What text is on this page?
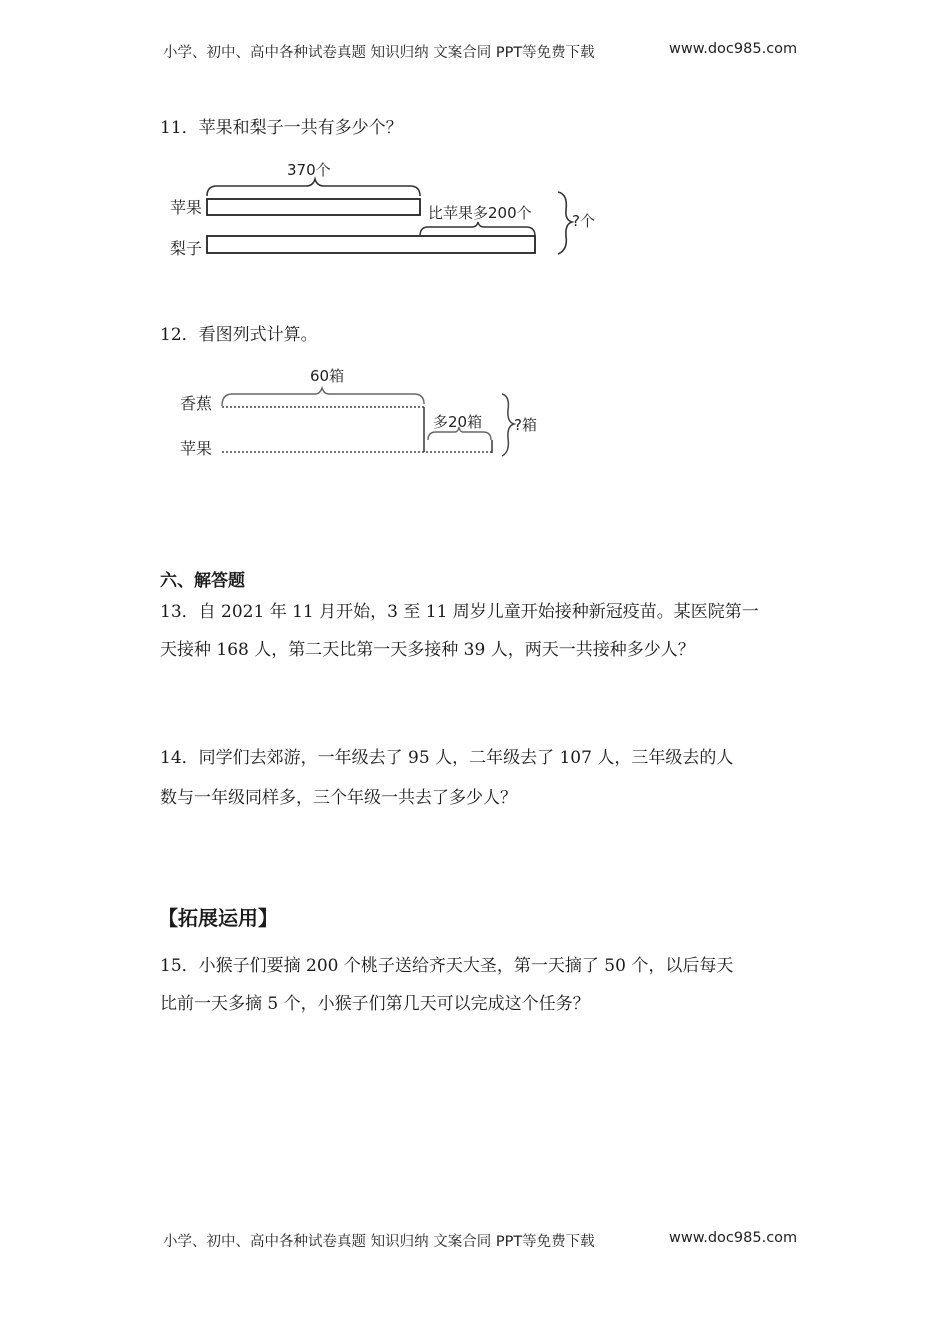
小学、初中、高中各种试卷真题 知识归纳 文案合同 PPT等免费下载	www.doc985.com
11．苹果和梨子一共有多少个？
苹果
梨子
370个
比苹果多200个	?个
12．看图列式计算。
香蕉
苹果
60箱
多20箱 ?箱
六、解答题
13．自 2021 年 11 月开始，3 至 11 周岁儿童开始接种新冠疫苗。某医院第一
天接种 168 人，第二天比第一天多接种 39 人，两天一共接种多少人？
14．同学们去郊游，一年级去了 95 人，二年级去了 107 人，三年级去的人
数与一年级同样多，三个年级一共去了多少人？
【拓展运用】
15．小猴子们要摘 200 个桃子送给齐天大圣，第一天摘了 50 个，以后每天
比前一天多摘 5 个，小猴子们第几天可以完成这个任务？
小学、初中、高中各种试卷真题 知识归纳 文案合同 PPT等免费下载	www.doc985.com
